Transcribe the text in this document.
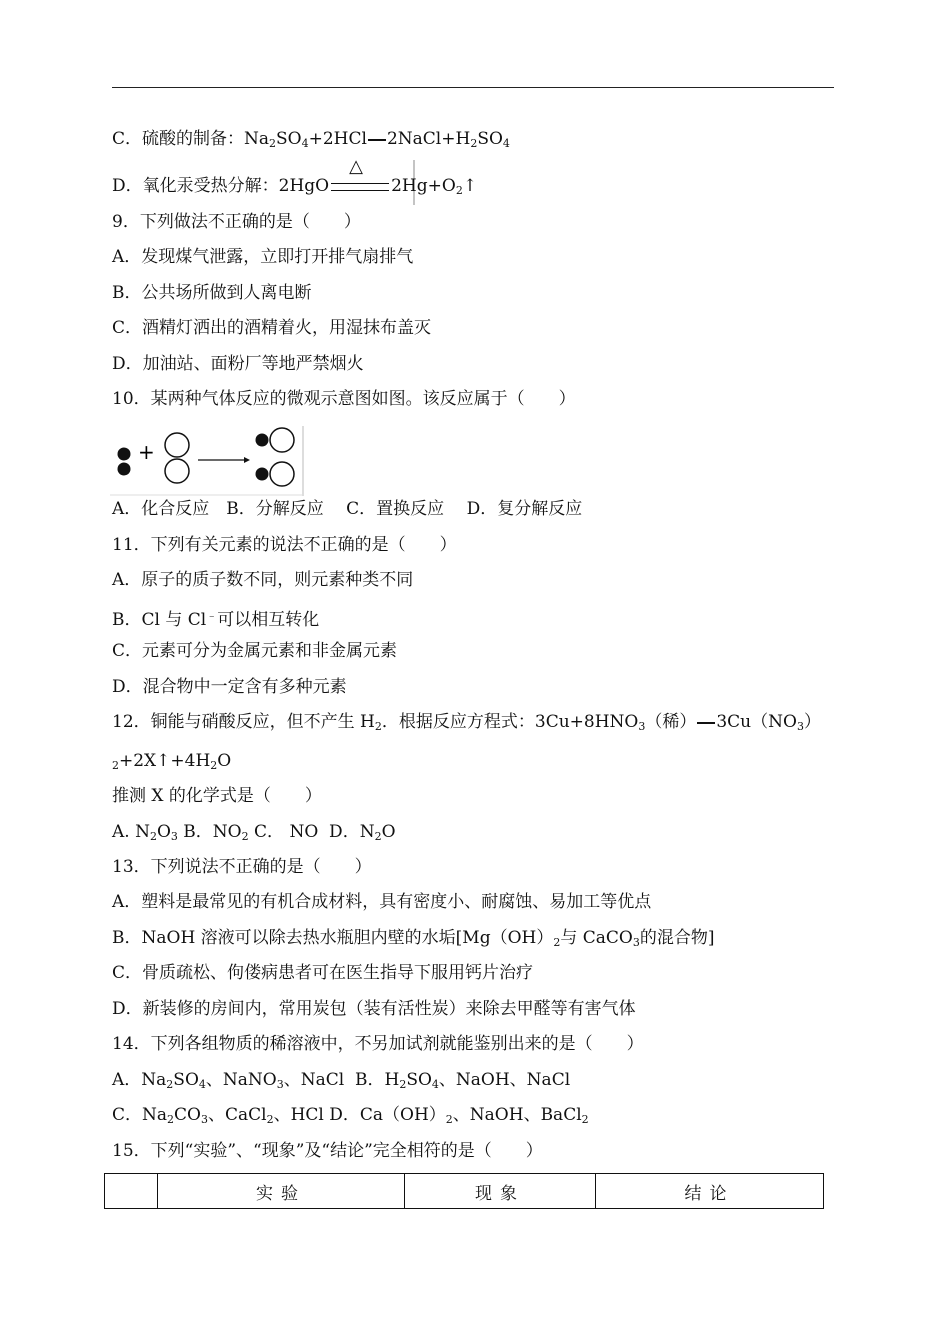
C．硫酸的制备：$Na_2SO_4+2HCl$ $2NaCl+H_2SO_4$
D．氧化汞受热分解：2HgO
△
$2Hg+O_2↑$
9．下列做法不正确的是（　　）
A．发现煤气泄露，立即打开排气扇排气
B．公共场所做到人离电断
C．酒精灯洒出的酒精着火，用湿抹布盖灭
D．加油站、面粉厂等地严禁烟火
10．某两种气体反应的微观示意图如图。该反应属于（　　）
+
A．化合反应　B．分解反应　 C．置换反应　 D．复分解反应
11．下列有关元素的说法不正确的是（　　）
A．原子的质子数不同，则元素种类不同
B．Cl 与 Cl﹣可以相互转化
C．元素可分为金属元素和非金属元素
D．混合物中一定含有多种元素
12．铜能与硝酸反应，但不产生 $H_2$．根据反应方程式：$3Cu+8HNO_3$（稀） $3Cu(NO_3)$
$_2+2X↑+4H_2O$
推测 X 的化学式是（　　）
A. $N_2O_3$ B．$NO_2$ C． NO  D．$N_2O$
13．下列说法不正确的是（　　）
A．塑料是最常见的有机合成材料，具有密度小、耐腐蚀、易加工等优点
B．NaOH 溶液可以除去热水瓶胆内壁的水垢[$Mg(OH)_2$与 CaCO$_3$的混合物]
C．骨质疏松、佝偻病患者可在医生指导下服用钙片治疗
D．新装修的房间内，常用炭包（装有活性炭）来除去甲醛等有害气体
14．下列各组物质的稀溶液中，不另加试剂就能鉴别出来的是（　　）
A．$Na_2SO_4$、NaNO$_3$、NaCl  B．$H_2SO_4$、NaOH、NaCl
C．$Na_2CO_3$、CaCl$_2$、HCl D．$Ca(OH)_2$、NaOH、BaCl$_2$
15．下列“实验”、“现象”及“结论”完全相符的是（　　）
	实验	现象	结论
